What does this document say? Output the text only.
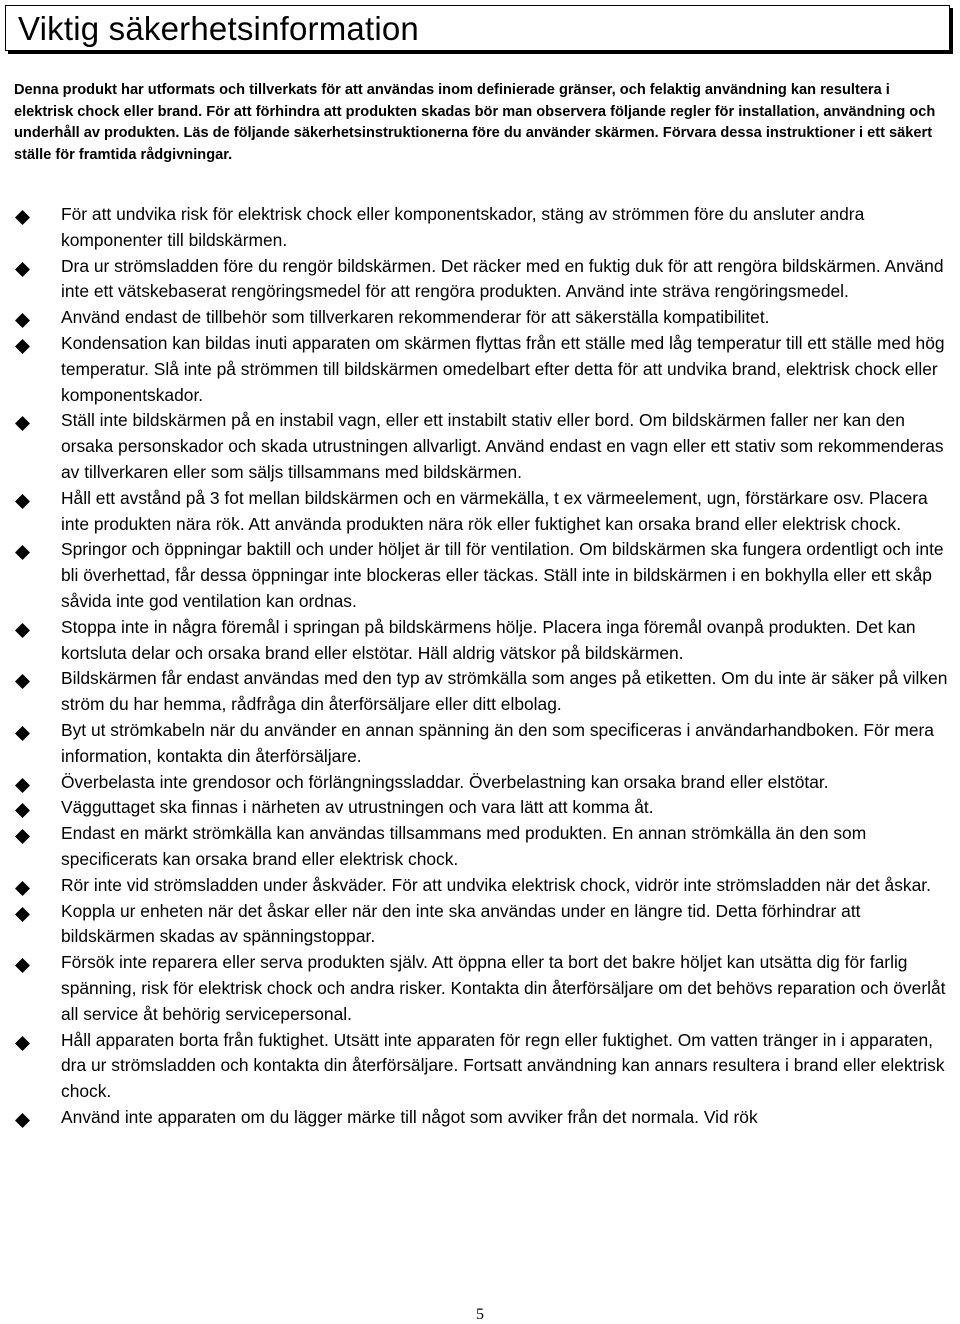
Viktig säkerhetsinformation

Denna produkt har utformats och tillverkats för att användas inom definierade gränser, och felaktig användning kan resultera i elektrisk chock eller brand. För att förhindra att produkten skadas bör man observera följande regler för installation, användning och underhåll av produkten. Läs de följande säkerhetsinstruktionerna före du använder skärmen. Förvara dessa instruktioner i ett säkert ställe för framtida rådgivningar.

För att undvika risk för elektrisk chock eller komponentskador, stäng av strömmen före du ansluter andra komponenter till bildskärmen.
Dra ur strömsladden före du rengör bildskärmen. Det räcker med en fuktig duk för att rengöra bildskärmen. Använd inte ett vätskebaserat rengöringsmedel för att rengöra produkten. Använd inte sträva rengöringsmedel.
Använd endast de tillbehör som tillverkaren rekommenderar för att säkerställa kompatibilitet.
Kondensation kan bildas inuti apparaten om skärmen flyttas från ett ställe med låg temperatur till ett ställe med hög temperatur. Slå inte på strömmen till bildskärmen omedelbart efter detta för att undvika brand, elektrisk chock eller komponentskador.
Ställ inte bildskärmen på en instabil vagn, eller ett instabilt stativ eller bord. Om bildskärmen faller ner kan den orsaka personskador och skada utrustningen allvarligt. Använd endast en vagn eller ett stativ som rekommenderas av tillverkaren eller som säljs tillsammans med bildskärmen.
Håll ett avstånd på 3 fot mellan bildskärmen och en värmekälla, t ex värmeelement, ugn, förstärkare osv. Placera inte produkten nära rök. Att använda produkten nära rök eller fuktighet kan orsaka brand eller elektrisk chock.
Springor och öppningar baktill och under höljet är till för ventilation. Om bildskärmen ska fungera ordentligt och inte bli överhettad, får dessa öppningar inte blockeras eller täckas. Ställ inte in bildskärmen i en bokhylla eller ett skåp såvida inte god ventilation kan ordnas.
Stoppa inte in några föremål i springan på bildskärmens hölje. Placera inga föremål ovanpå produkten. Det kan kortsluta delar och orsaka brand eller elstötar. Häll aldrig vätskor på bildskärmen.
Bildskärmen får endast användas med den typ av strömkälla som anges på etiketten. Om du inte är säker på vilken ström du har hemma, rådfråga din återförsäljare eller ditt elbolag.
Byt ut strömkabeln när du använder en annan spänning än den som specificeras i användarhandboken. För mera information, kontakta din återförsäljare.
Överbelasta inte grendosor och förlängningssladdar. Överbelastning kan orsaka brand eller elstötar.
Vägguttaget ska finnas i närheten av utrustningen och vara lätt att komma åt.
Endast en märkt strömkälla kan användas tillsammans med produkten. En annan strömkälla än den som specificerats kan orsaka brand eller elektrisk chock.
Rör inte vid strömsladden under åskväder. För att undvika elektrisk chock, vidrör inte strömsladden när det åskar.
Koppla ur enheten när det åskar eller när den inte ska användas under en längre tid. Detta förhindrar att bildskärmen skadas av spänningstoppar.
Försök inte reparera eller serva produkten själv. Att öppna eller ta bort det bakre höljet kan utsätta dig för farlig spänning, risk för elektrisk chock och andra risker. Kontakta din återförsäljare om det behövs reparation och överlåt all service åt behörig servicepersonal.
Håll apparaten borta från fuktighet. Utsätt inte apparaten för regn eller fuktighet. Om vatten tränger in i apparaten, dra ur strömsladden och kontakta din återförsäljare. Fortsatt användning kan annars resultera i brand eller elektrisk chock.
Använd inte apparaten om du lägger märke till något som avviker från det normala. Vid rök
5
